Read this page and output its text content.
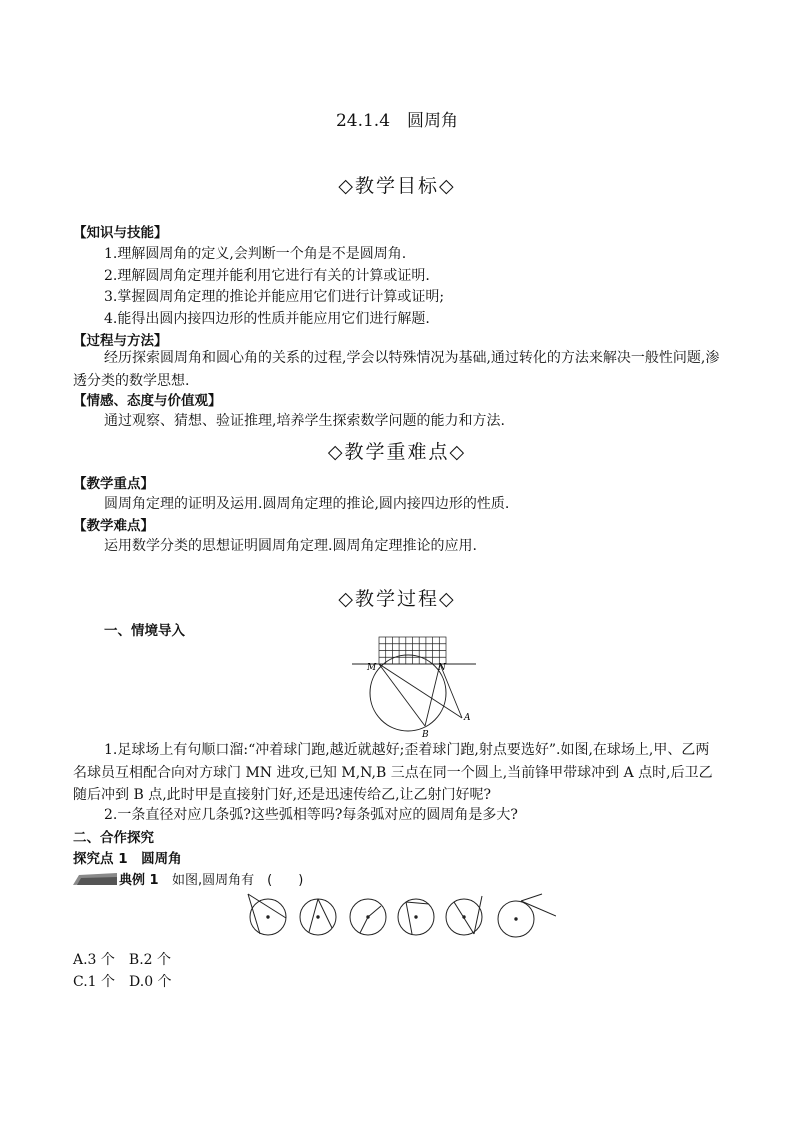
24.1.4　圆周角
◇教学目标◇
【知识与技能】
1.理解圆周角的定义,会判断一个角是不是圆周角.
2.理解圆周角定理并能利用它进行有关的计算或证明.
3.掌握圆周角定理的推论并能应用它们进行计算或证明;
4.能得出圆内接四边形的性质并能应用它们进行解题.
【过程与方法】
经历探索圆周角和圆心角的关系的过程,学会以特殊情况为基础,通过转化的方法来解决一般性问题,渗透分类的数学思想.
【情感、态度与价值观】
通过观察、猜想、验证推理,培养学生探索数学问题的能力和方法.
◇教学重难点◇
【教学重点】
圆周角定理的证明及运用.圆周角定理的推论,圆内接四边形的性质.
【教学难点】
运用数学分类的思想证明圆周角定理.圆周角定理推论的应用.
◇教学过程◇
一、情境导入
M	N
A
B
1.足球场上有句顺口溜:“冲着球门跑,越近就越好;歪着球门跑,射点要选好”.如图,在球场上,甲、乙两名球员互相配合向对方球门 MN 进攻,已知 M,N,B 三点在同一个圆上,当前锋甲带球冲到 A 点时,后卫乙随后冲到 B 点,此时甲是直接射门好,还是迅速传给乙,让乙射门好呢?
2.一条直径对应几条弧?这些弧相等吗?每条弧对应的圆周角是多大?
二、合作探究
探究点 1　圆周角
典例 1 如图,圆周角有　(　　)
A.3 个　B.2 个
C.1 个　D.0 个
